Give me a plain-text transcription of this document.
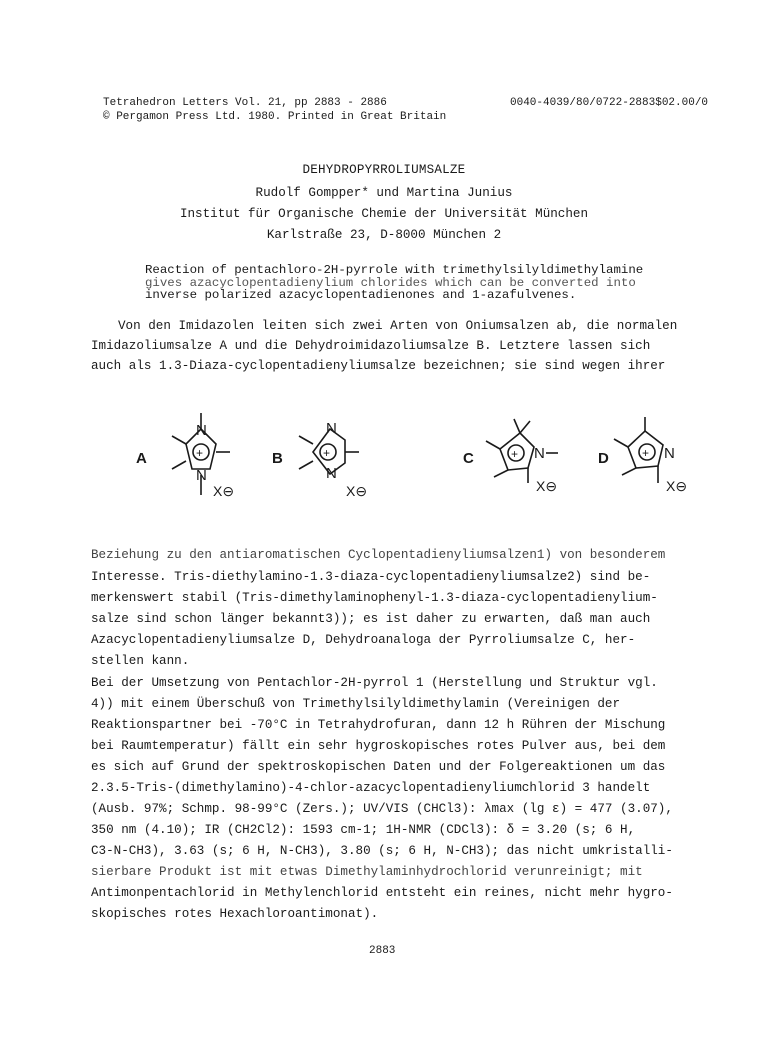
Tetrahedron Letters Vol. 21, pp 2883 - 2886
© Pergamon Press Ltd. 1980. Printed in Great Britain
0040-4039/80/0722-2883$02.00/0
DEHYDROPYRROLIUMSALZE
Rudolf Gompper* und Martina Junius
Institut für Organische Chemie der Universität München
Karlstraße 23, D-8000 München 2
Reaction of pentachloro-2H-pyrrole with trimethylsilyldimethylamine
gives azacyclopentadienylium chlorides which can be converted into
inverse polarized azacyclopentadienones and 1-azafulvenes.
Von den Imidazolen leiten sich zwei Arten von Oniumsalzen ab, die normalen
Imidazoliumsalze A und die Dehydroimidazoliumsalze B. Letztere lassen sich
auch als 1.3-Diaza-cyclopentadienyliumsalze bezeichnen; sie sind wegen ihrer
N
N
N
N
N	N
+	+	+	+
X⊖	X⊖	X⊖	X⊖
A	B	C	D
Beziehung zu den antiaromatischen Cyclopentadienyliumsalzen1) von besonderem
Interesse. Tris-diethylamino-1.3-diaza-cyclopentadienyliumsalze2) sind be-
merkenswert stabil (Tris-dimethylaminophenyl-1.3-diaza-cyclopentadienylium-
salze sind schon länger bekannt3)); es ist daher zu erwarten, daß man auch
Azacyclopentadienyliumsalze D, Dehydroanaloga der Pyrroliumsalze C, her-
stellen kann.
Bei der Umsetzung von Pentachlor-2H-pyrrol 1 (Herstellung und Struktur vgl.
4)) mit einem Überschuß von Trimethylsilyldimethylamin (Vereinigen der
Reaktionspartner bei -70°C in Tetrahydrofuran, dann 12 h Rühren der Mischung
bei Raumtemperatur) fällt ein sehr hygroskopisches rotes Pulver aus, bei dem
es sich auf Grund der spektroskopischen Daten und der Folgereaktionen um das
2.3.5-Tris-(dimethylamino)-4-chlor-azacyclopentadienyliumchlorid 3 handelt
(Ausb. 97%; Schmp. 98-99°C (Zers.); UV/VIS (CHCl3): λmax (lg ε) = 477 (3.07),
350 nm (4.10); IR (CH2Cl2): 1593 cm-1; 1H-NMR (CDCl3): δ = 3.20 (s; 6 H,
C3-N-CH3), 3.63 (s; 6 H, N-CH3), 3.80 (s; 6 H, N-CH3); das nicht umkristalli-
sierbare Produkt ist mit etwas Dimethylaminhydrochlorid verunreinigt; mit
Antimonpentachlorid in Methylenchlorid entsteht ein reines, nicht mehr hygro-
skopisches rotes Hexachloroantimonat).
2883
